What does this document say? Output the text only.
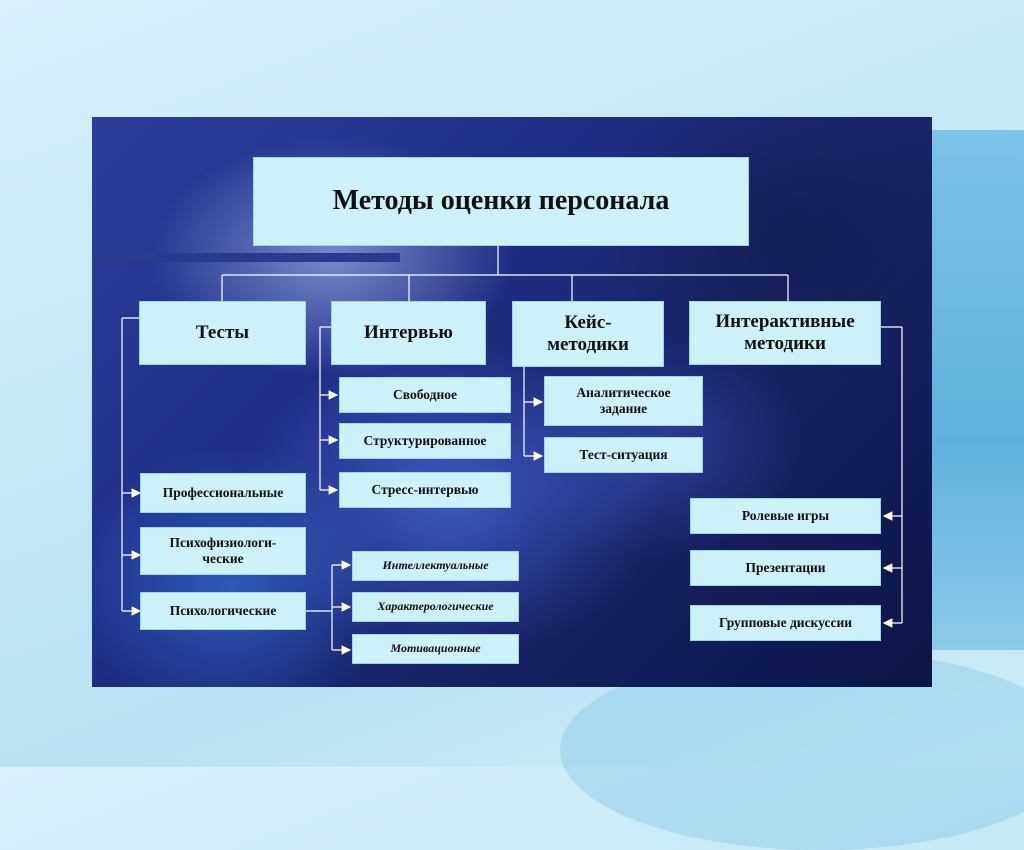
Методы оценки персонала
Тесты	Интервью	Кейс-
методики
Интерактивные
методики
Свободное
Структурированное
Стресс-интервью
Аналитическое
задание
Тест-ситуация
Профессиональные
Психофизиологи-
ческие
Психологические
Интеллектуальные
Характерологические
Мотивационные
Ролевые игры
Презентации
Групповые дискуссии
